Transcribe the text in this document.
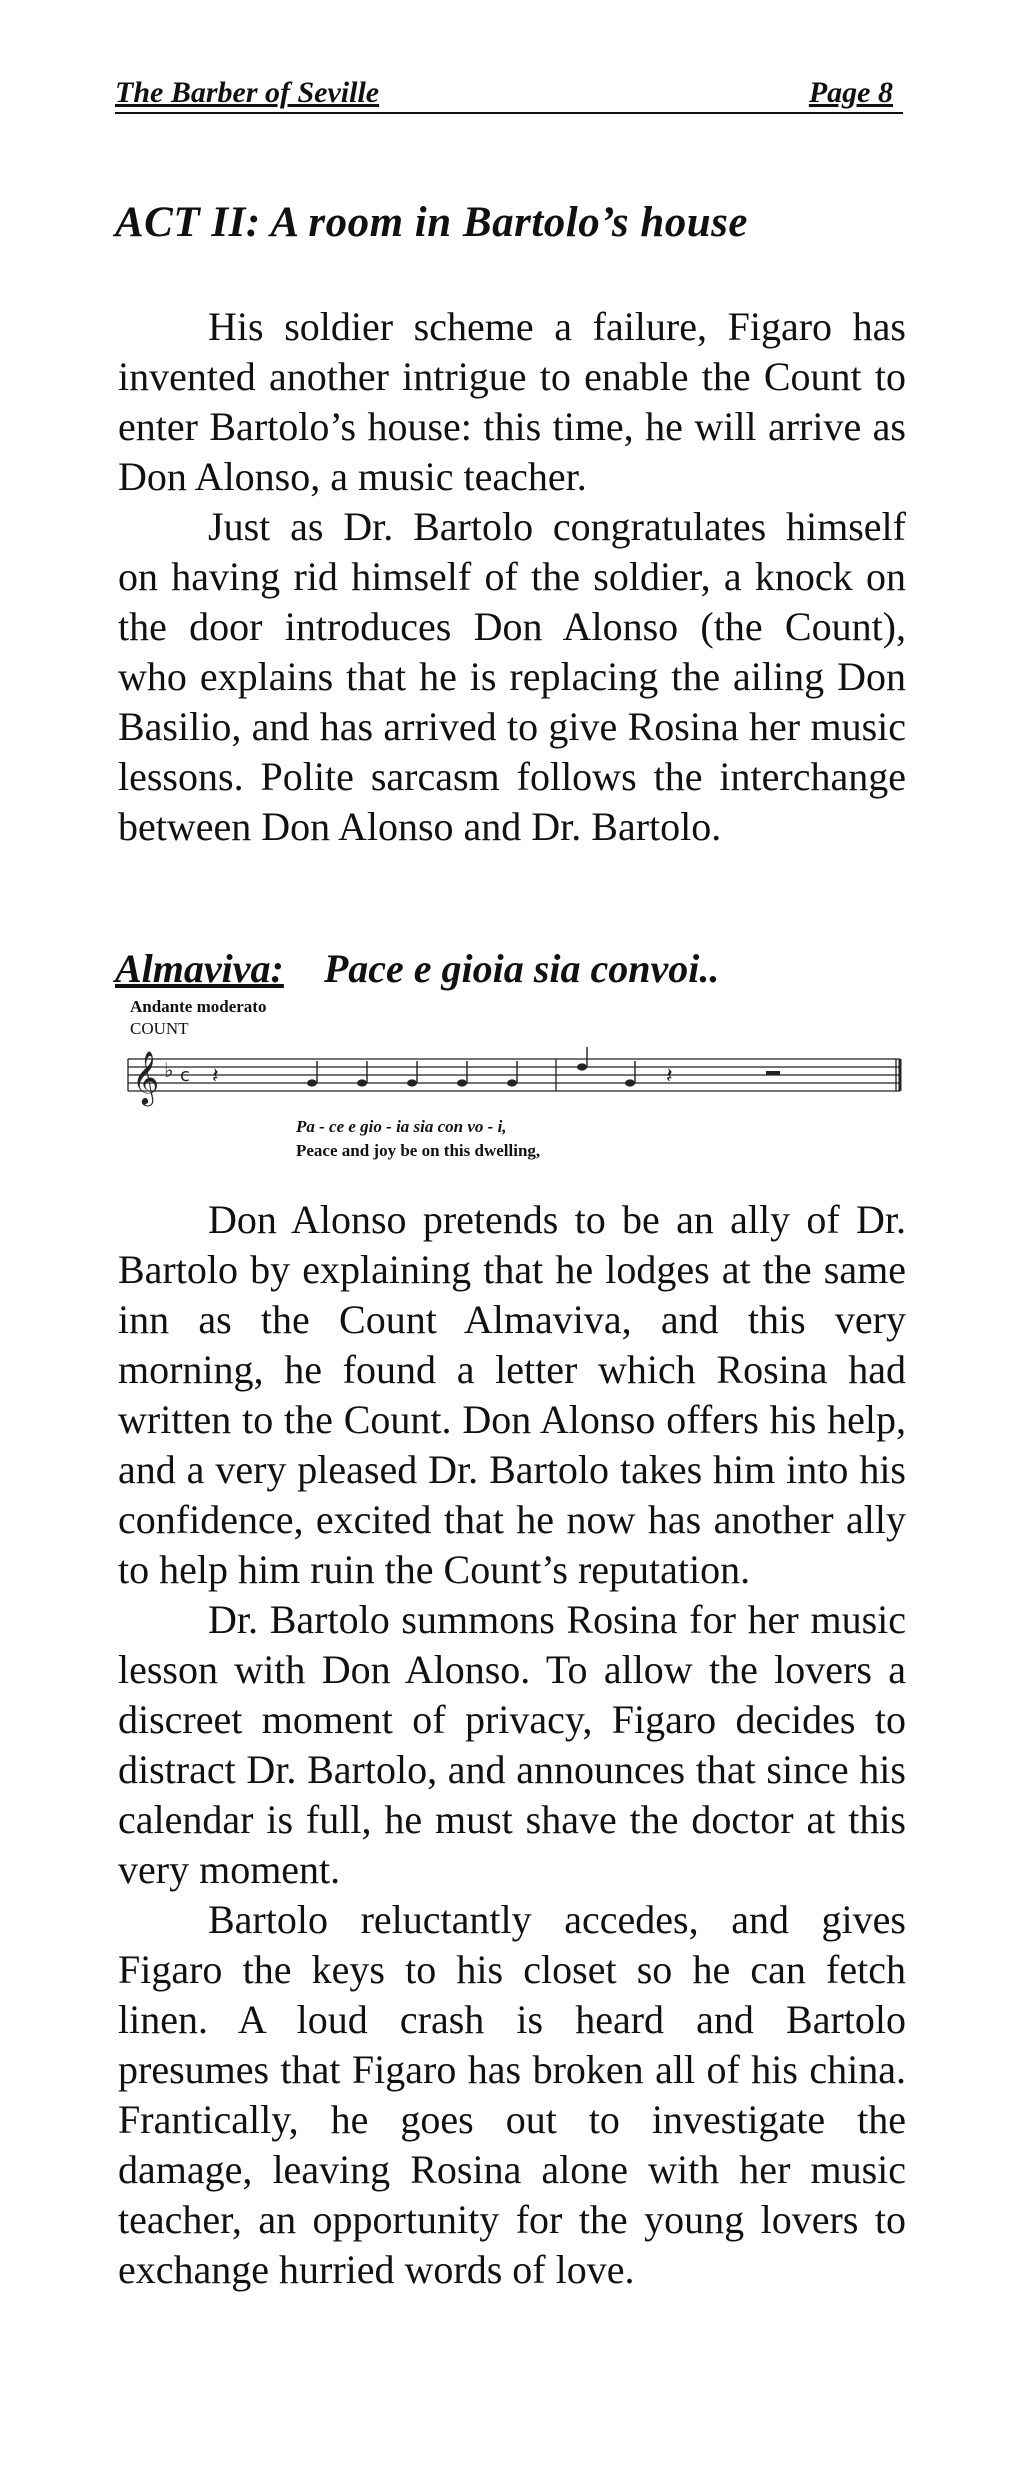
The Barber of Seville	Page 8
ACT II: A room in Bartolo’s house

His soldier scheme a failure, Figaro has invented another intrigue to enable the Count to enter Bartolo’s house: this time, he will arrive as Don Alonso, a music teacher.

Just as Dr. Bartolo congratulates himself on having rid himself of the soldier, a knock on the door introduces Don Alonso (the Count), who explains that he is replacing the ailing Don Basilio, and has arrived to give Rosina her music lessons. Polite sarcasm follows the interchange between Don Alonso and Dr. Bartolo.

Almaviva: Pace e gioia sia convoi..
Andante moderato
COUNT
𝄞 ♭ c 𝄽	𝄽
Pa - ce e gio - ia sia con vo - i,
Peace and joy be on this dwelling,

Don Alonso pretends to be an ally of Dr. Bartolo by explaining that he lodges at the same inn as the Count Almaviva, and this very morning, he found a letter which Rosina had written to the Count. Don Alonso offers his help, and a very pleased Dr. Bartolo takes him into his confidence, excited that he now has another ally to help him ruin the Count’s reputation.

Dr. Bartolo summons Rosina for her music lesson with Don Alonso. To allow the lovers a discreet moment of privacy, Figaro decides to distract Dr. Bartolo, and announces that since his calendar is full, he must shave the doctor at this very moment.

Bartolo reluctantly accedes, and gives Figaro the keys to his closet so he can fetch linen. A loud crash is heard and Bartolo presumes that Figaro has broken all of his china. Frantically, he goes out to investigate the damage, leaving Rosina alone with her music teacher, an opportunity for the young lovers to exchange hurried words of love.
